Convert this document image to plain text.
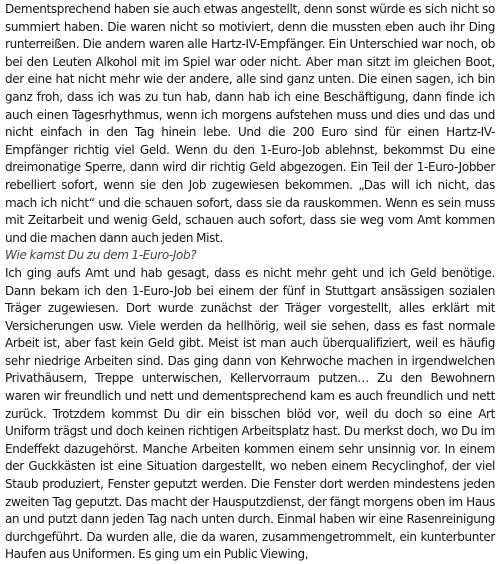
Dementsprechend haben sie auch etwas angestellt, denn sonst würde es sich nicht so summiert haben. Die waren nicht so motiviert, denn die mussten eben auch ihr Ding runterreißen. Die andern waren alle Hartz-IV-Empfänger. Ein Unterschied war noch, ob bei den Leuten Alkohol mit im Spiel war oder nicht. Aber man sitzt im gleichen Boot, der eine hat nicht mehr wie der andere, alle sind ganz unten. Die einen sagen, ich bin ganz froh, dass ich was zu tun hab, dann hab ich eine Beschäftigung, dann finde ich auch einen Tagesrhythmus, wenn ich morgens aufstehen muss und dies und das und nicht einfach in den Tag hinein lebe. Und die 200 Euro sind für einen Hartz-IV-Empfänger richtig viel Geld. Wenn du den 1-Euro-Job ablehnst, bekommst Du eine dreimonatige Sperre, dann wird dir richtig Geld abgezogen. Ein Teil der 1-Euro-Jobber rebelliert sofort, wenn sie den Job zugewiesen bekommen. „Das will ich nicht, das mach ich nicht“ und die schauen sofort, dass sie da rauskommen. Wenn es sein muss mit Zeitarbeit und wenig Geld, schauen auch sofort, dass sie weg vom Amt kommen und die machen dann auch jeden Mist.

Wie kamst Du zu dem 1-Euro-Job?

Ich ging aufs Amt und hab gesagt, dass es nicht mehr geht und ich Geld benötige. Dann bekam ich den 1-Euro-Job bei einem der fünf in Stuttgart ansässigen sozialen Träger zugewiesen. Dort wurde zunächst der Träger vorgestellt, alles erklärt mit Versicherungen usw. Viele werden da hellhörig, weil sie sehen, dass es fast normale Arbeit ist, aber fast kein Geld gibt. Meist ist man auch überqualifiziert, weil es häufig sehr niedrige Arbeiten sind. Das ging dann von Kehrwoche machen in irgendwelchen Privathäusern, Treppe unterwischen, Kellervorraum putzen… Zu den Bewohnern waren wir freundlich und nett und dementsprechend kam es auch freundlich und nett zurück. Trotzdem kommst Du dir ein bisschen blöd vor, weil du doch so eine Art Uniform trägst und doch keinen richtigen Arbeitsplatz hast. Du merkst doch, wo Du im Endeffekt dazugehörst. Manche Arbeiten kommen einem sehr unsinnig vor. In einem der Guckkästen ist eine Situation dargestellt, wo neben einem Recyclinghof, der viel Staub produziert, Fenster geputzt werden. Die Fenster dort werden mindestens jeden zweiten Tag geputzt. Das macht der Hausputzdienst, der fängt morgens oben im Haus an und putzt dann jeden Tag nach unten durch. Einmal haben wir eine Rasenreinigung durchgeführt. Da wurden alle, die da waren, zusammengetrommelt, ein kunterbunter Haufen aus Uniformen. Es ging um ein Public Viewing,
